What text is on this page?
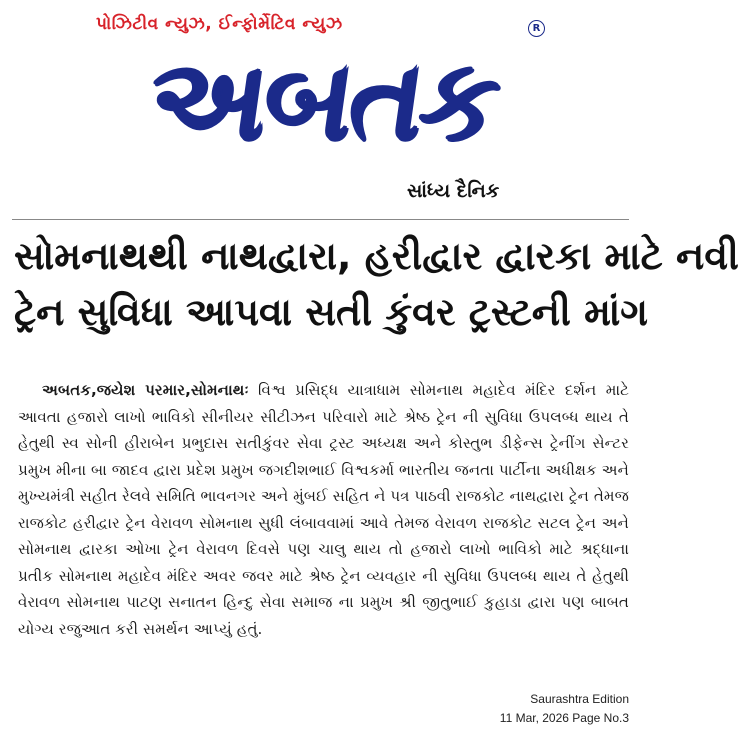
પોઝિટીવ ન્યુઝ, ઈન્ફોર્મેટિવ ન્યુઝ	R
અબતક
સાંધ્ય દૈનિક
સોમનાથથી નાથદ્વારા, હરીદ્વાર દ્વારકા માટે નવી
ટ્રેન સુવિધા આપવા સતી કુંવર ટ્રસ્ટની માંગ
અબતક,જયેશ પરમાર,સોમનાથઃ વિશ્વ પ્રસિદ્ધ યાત્રાધામ સોમનાથ મહાદેવ મંદિર દર્શન માટે આવતા હજારો લાખો ભાવિકો સીનીયર સીટીઝન પરિવારો માટે શ્રેષ્ઠ ટ્રેન ની સુવિધા ઉપલબ્ધ થાય તે હેતુથી સ્વ સોની હીરાબેન પ્રભુદાસ સતીકુંવર સેવા ટ્રસ્ટ અધ્યક્ષ અને કોસ્તુભ ડીફેન્સ ટ્રેનીંગ સેન્ટર પ્રમુખ મીના બા જાદવ દ્વારા પ્રદેશ પ્રમુખ જગદીશભાઈ વિશ્વકર્મા ભારતીય જનતા પાર્ટીના અધીક્ષક અને મુખ્યમંત્રી સહીત રેલવે સમિતિ ભાવનગર અને મુંબઈ સહિત ને પત્ર પાઠવી રાજકોટ નાથદ્વારા ટ્રેન તેમજ રાજકોટ હરીદ્વાર ટ્રેન વેરાવળ સોમનાથ સુધી લંબાવવામાં આવે તેમજ વેરાવળ રાજકોટ સટલ ટ્રેન અને સોમનાથ દ્વારકા ઓખા ટ્રેન વેરાવળ દિવસે પણ ચાલુ થાય તો હજારો લાખો ભાવિકો માટે શ્રદ્ધાના પ્રતીક સોમનાથ મહાદેવ મંદિર અવર જવર માટે શ્રેષ્ઠ ટ્રેન વ્યવહાર ની સુવિધા ઉપલબ્ધ થાય તે હેતુથી વેરાવળ સોમનાથ પાટણ સનાતન હિન્દુ સેવા સમાજ ના પ્રમુખ શ્રી જીતુભાઈ કુહાડા દ્વારા પણ બાબત યોગ્ય રજુઆત કરી સમર્થન આપ્યું હતું.
Saurashtra Edition
11 Mar, 2026 Page No.3
